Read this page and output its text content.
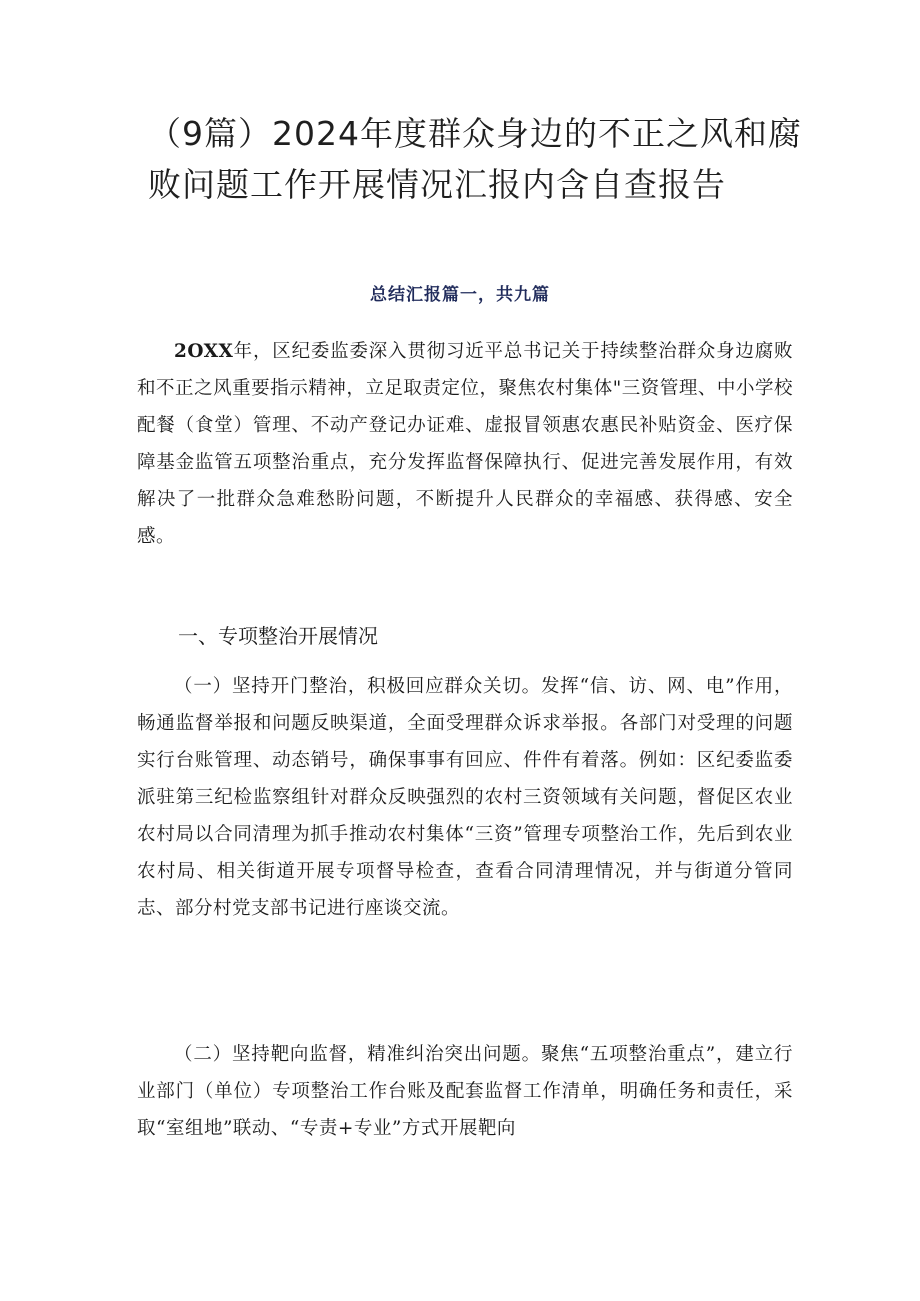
（9篇）2024年度群众身边的不正之风和腐败问题工作开展情况汇报内含自查报告
总结汇报篇一，共九篇

2OXX年，区纪委监委深入贯彻习近平总书记关于持续整治群众身边腐败和不正之风重要指示精神，立足取责定位，聚焦农村集体"三资管理、中小学校配餐（食堂）管理、不动产登记办证难、虚报冒领惠农惠民补贴资金、医疗保障基金监管五项整治重点，充分发挥监督保障执行、促进完善发展作用，有效解决了一批群众急难愁盼问题，不断提升人民群众的幸福感、获得感、安全感。

一、专项整治开展情况

（一）坚持开门整治，积极回应群众关切。发挥“信、访、网、电”作用，畅通监督举报和问题反映渠道，全面受理群众诉求举报。各部门对受理的问题实行台账管理、动态销号，确保事事有回应、件件有着落。例如：区纪委监委派驻第三纪检监察组针对群众反映强烈的农村三资领域有关问题，督促区农业农村局以合同清理为抓手推动农村集体“三资”管理专项整治工作，先后到农业农村局、相关街道开展专项督导检查，查看合同清理情况，并与街道分管同志、部分村党支部书记进行座谈交流。

（二）坚持靶向监督，精准纠治突出问题。聚焦“五项整治重点”，建立行业部门（单位）专项整治工作台账及配套监督工作清单，明确任务和责任，采取“室组地”联动、“专责+专业”方式开展靶向
